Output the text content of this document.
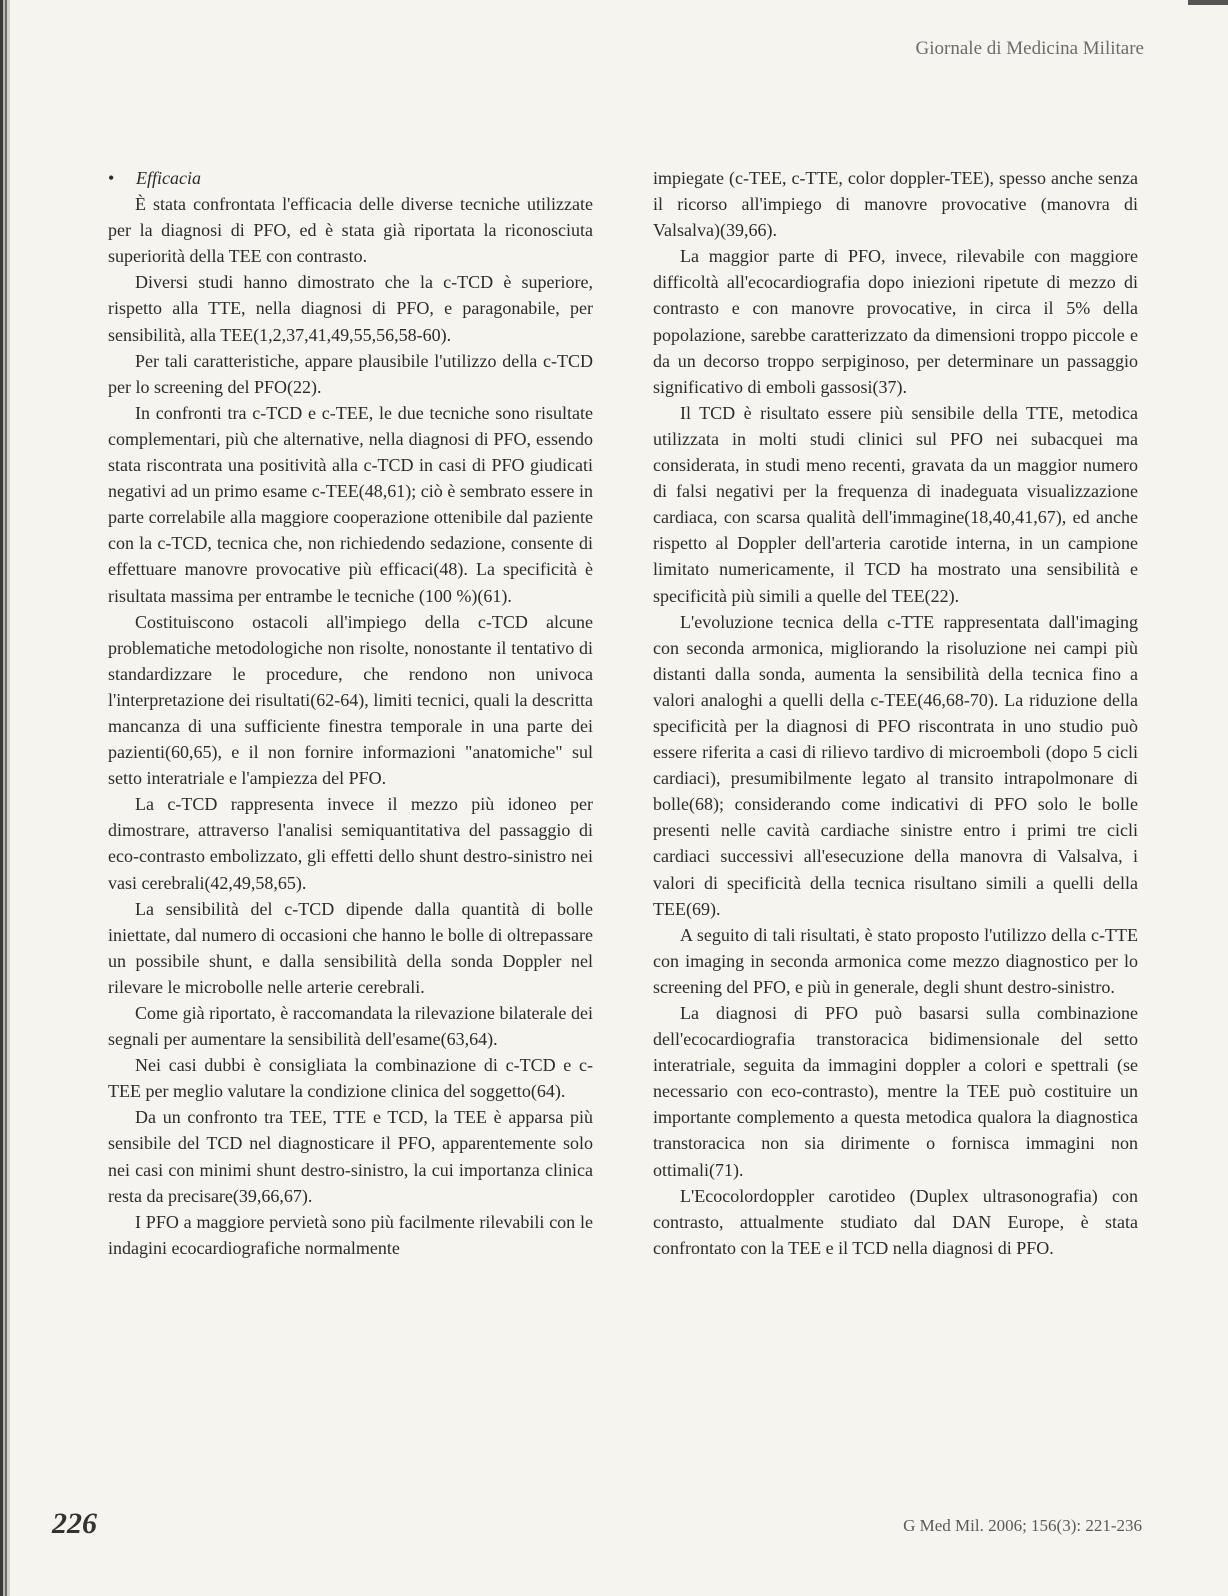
Giornale di Medicina Militare
•	Efficacia

È stata confrontata l'efficacia delle diverse tecniche utilizzate per la diagnosi di PFO, ed è stata già riportata la riconosciuta superiorità della TEE con contrasto.

Diversi studi hanno dimostrato che la c-TCD è superiore, rispetto alla TTE, nella diagnosi di PFO, e paragonabile, per sensibilità, alla TEE(1,2,37,41,49,55,56,58-60).

Per tali caratteristiche, appare plausibile l'utilizzo della c-TCD per lo screening del PFO(22).

In confronti tra c-TCD e c-TEE, le due tecniche sono risultate complementari, più che alternative, nella diagnosi di PFO, essendo stata riscontrata una positività alla c-TCD in casi di PFO giudicati negativi ad un primo esame c-TEE(48,61); ciò è sembrato essere in parte correlabile alla maggiore cooperazione ottenibile dal paziente con la c-TCD, tecnica che, non richiedendo sedazione, consente di effettuare manovre provocative più efficaci(48). La specificità è risultata massima per entrambe le tecniche (100 %)(61).

Costituiscono ostacoli all'impiego della c-TCD alcune problematiche metodologiche non risolte, nonostante il tentativo di standardizzare le procedure, che rendono non univoca l'interpretazione dei risultati(62-64), limiti tecnici, quali la descritta mancanza di una sufficiente finestra temporale in una parte dei pazienti(60,65), e il non fornire informazioni "anatomiche" sul setto interatriale e l'ampiezza del PFO.

La c-TCD rappresenta invece il mezzo più idoneo per dimostrare, attraverso l'analisi semiquantitativa del passaggio di eco-contrasto embolizzato, gli effetti dello shunt destro-sinistro nei vasi cerebrali(42,49,58,65).

La sensibilità del c-TCD dipende dalla quantità di bolle iniettate, dal numero di occasioni che hanno le bolle di oltrepassare un possibile shunt, e dalla sensibilità della sonda Doppler nel rilevare le microbolle nelle arterie cerebrali.

Come già riportato, è raccomandata la rilevazione bilaterale dei segnali per aumentare la sensibilità dell'esame(63,64).

Nei casi dubbi è consigliata la combinazione di c-TCD e c-TEE per meglio valutare la condizione clinica del soggetto(64).

Da un confronto tra TEE, TTE e TCD, la TEE è apparsa più sensibile del TCD nel diagnosticare il PFO, apparentemente solo nei casi con minimi shunt destro-sinistro, la cui importanza clinica resta da precisare(39,66,67).

I PFO a maggiore pervietà sono più facilmente rilevabili con le indagini ecocardiografiche normalmente

impiegate (c-TEE, c-TTE, color doppler-TEE), spesso anche senza il ricorso all'impiego di manovre provocative (manovra di Valsalva)(39,66).

La maggior parte di PFO, invece, rilevabile con maggiore difficoltà all'ecocardiografia dopo iniezioni ripetute di mezzo di contrasto e con manovre provocative, in circa il 5% della popolazione, sarebbe caratterizzato da dimensioni troppo piccole e da un decorso troppo serpiginoso, per determinare un passaggio significativo di emboli gassosi(37).

Il TCD è risultato essere più sensibile della TTE, metodica utilizzata in molti studi clinici sul PFO nei subacquei ma considerata, in studi meno recenti, gravata da un maggior numero di falsi negativi per la frequenza di inadeguata visualizzazione cardiaca, con scarsa qualità dell'immagine(18,40,41,67), ed anche rispetto al Doppler dell'arteria carotide interna, in un campione limitato numericamente, il TCD ha mostrato una sensibilità e specificità più simili a quelle del TEE(22).

L'evoluzione tecnica della c-TTE rappresentata dall'imaging con seconda armonica, migliorando la risoluzione nei campi più distanti dalla sonda, aumenta la sensibilità della tecnica fino a valori analoghi a quelli della c-TEE(46,68-70). La riduzione della specificità per la diagnosi di PFO riscontrata in uno studio può essere riferita a casi di rilievo tardivo di microemboli (dopo 5 cicli cardiaci), presumibilmente legato al transito intrapolmonare di bolle(68); considerando come indicativi di PFO solo le bolle presenti nelle cavità cardiache sinistre entro i primi tre cicli cardiaci successivi all'esecuzione della manovra di Valsalva, i valori di specificità della tecnica risultano simili a quelli della TEE(69).

A seguito di tali risultati, è stato proposto l'utilizzo della c-TTE con imaging in seconda armonica come mezzo diagnostico per lo screening del PFO, e più in generale, degli shunt destro-sinistro.

La diagnosi di PFO può basarsi sulla combinazione dell'ecocardiografia transtoracica bidimensionale del setto interatriale, seguita da immagini doppler a colori e spettrali (se necessario con eco-contrasto), mentre la TEE può costituire un importante complemento a questa metodica qualora la diagnostica transtoracica non sia dirimente o fornisca immagini non ottimali(71).

L'Ecocolordoppler carotideo (Duplex ultrasonografia) con contrasto, attualmente studiato dal DAN Europe, è stata confrontato con la TEE e il TCD nella diagnosi di PFO.

226	G Med Mil. 2006; 156(3): 221-236
